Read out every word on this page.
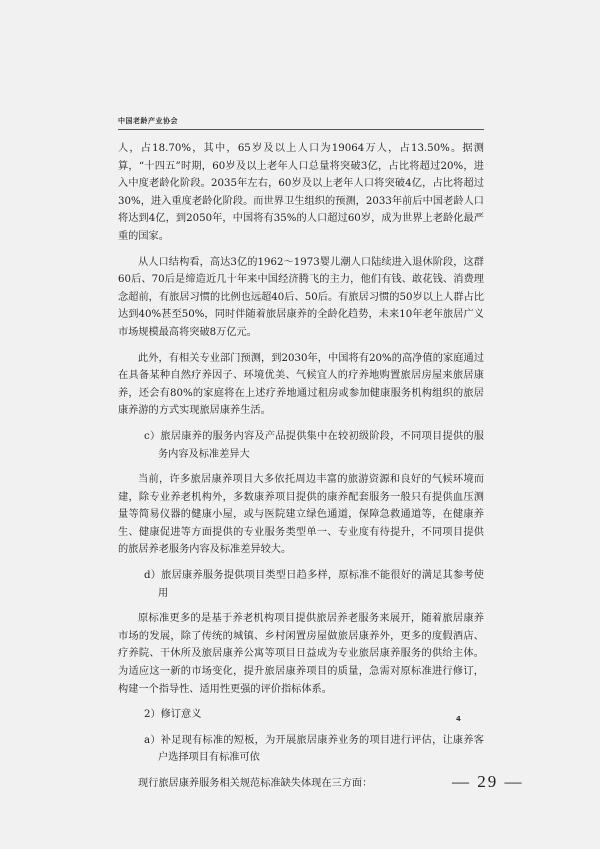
中国老龄产业协会

人，占18.70%，其中，65岁及以上人口为19064万人，占13.50%。据测算，“十四五”时期，60岁及以上老年人口总量将突破3亿，占比将超过20%，进入中度老龄化阶段。2035年左右，60岁及以上老年人口将突破4亿，占比将超过30%，进入重度老龄化阶段。而世界卫生组织的预测，2033年前后中国老龄人口将达到4亿，到2050年，中国将有35%的人口超过60岁，成为世界上老龄化最严重的国家。

从人口结构看，高达3亿的1962～1973婴儿潮人口陆续进入退休阶段，这群60后、70后是缔造近几十年来中国经济腾飞的主力，他们有钱、敢花钱、消费理念超前，有旅居习惯的比例也远超40后、50后。有旅居习惯的50岁以上人群占比达到40%甚至50%，同时伴随着旅居康养的全龄化趋势，未来10年老年旅居广义市场规模最高将突破8万亿元。

此外，有相关专业部门预测，到2030年，中国将有20%的高净值的家庭通过在具备某种自然疗养因子、环境优美、气候宜人的疗养地购置旅居房屋来旅居康养，还会有80%的家庭将在上述疗养地通过租房或参加健康服务机构组织的旅居康养游的方式实现旅居康养生活。

c）旅居康养的服务内容及产品提供集中在较初级阶段，不同项目提供的服务内容及标准差异大

当前，许多旅居康养项目大多依托周边丰富的旅游资源和良好的气候环境而建，除专业养老机构外，多数康养项目提供的康养配套服务一般只有提供血压测量等简易仪器的健康小屋，或与医院建立绿色通道，保障急救通道等，在健康养生、健康促进等方面提供的专业服务类型单一、专业度有待提升，不同项目提供的旅居养老服务内容及标准差异较大。

d）旅居康养服务提供项目类型日趋多样，原标准不能很好的满足其参考使用

原标准更多的是基于养老机构项目提供旅居养老服务来展开，随着旅居康养市场的发展，除了传统的城镇、乡村闲置房屋做旅居康养外，更多的度假酒店、疗养院、干休所及旅居康养公寓等项目日益成为专业旅居康养服务的供给主体。为适应这一新的市场变化，提升旅居康养项目的质量，急需对原标准进行修订，构建一个指导性、适用性更强的评价指标体系。

2）修订意义

a）补足现有标准的短板，为开展旅居康养业务的项目进行评估，让康养客户选择项目有标准可依

现行旅居康养服务相关规范标准缺失体现在三方面：

4
— 29 —
